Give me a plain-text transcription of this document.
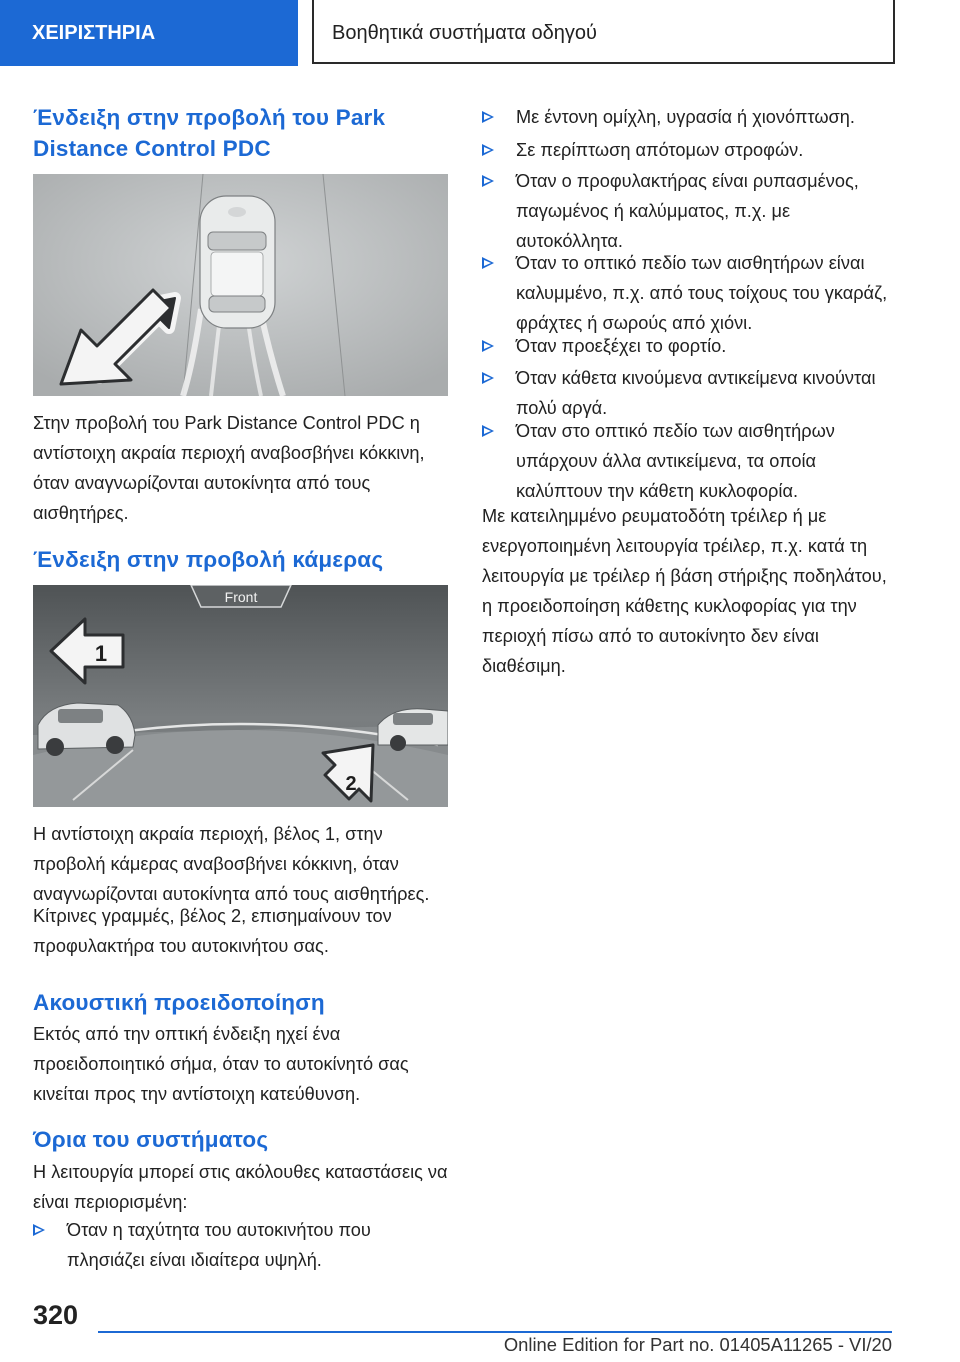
ΧΕΙΡΙΣΤΗΡΙΑ	Βοηθητικά συστήματα οδηγού
Ένδειξη στην προβολή του Park Distance Control PDC

Στην προβολή του Park Distance Control PDC η αντίστοιχη ακραία περιοχή αναβοσβήνει κόκκινη, όταν αναγνωρίζονται αυτοκίνητα από τους αισθητήρες.

Ένδειξη στην προβολή κάμερας
Front
1
2

Η αντίστοιχη ακραία περιοχή, βέλος 1, στην προβολή κάμερας αναβοσβήνει κόκκινη, όταν αναγνωρίζονται αυτοκίνητα από τους αισθητήρες.

Κίτρινες γραμμές, βέλος 2, επισημαίνουν τον προφυλακτήρα του αυτοκινήτου σας.

Ακουστική προειδοποίηση

Εκτός από την οπτική ένδειξη ηχεί ένα προειδοποιητικό σήμα, όταν το αυτοκίνητό σας κινείται προς την αντίστοιχη κατεύθυνση.

Όρια του συστήματος

Η λειτουργία μπορεί στις ακόλουθες καταστάσεις να είναι περιορισμένη:

Όταν η ταχύτητα του αυτοκινήτου που πλησιάζει είναι ιδιαίτερα υψηλή.
Με έντονη ομίχλη, υγρασία ή χιονόπτωση.
Σε περίπτωση απότομων στροφών.
Όταν ο προφυλακτήρας είναι ρυπασμένος, παγωμένος ή καλύμματος, π.χ. με αυτοκόλλητα.
Όταν το οπτικό πεδίο των αισθητήρων είναι καλυμμένο, π.χ. από τους τοίχους του γκαράζ, φράχτες ή σωρούς από χιόνι.
Όταν προεξέχει το φορτίο.
Όταν κάθετα κινούμενα αντικείμενα κινούνται πολύ αργά.
Όταν στο οπτικό πεδίο των αισθητήρων υπάρχουν άλλα αντικείμενα, τα οποία καλύπτουν την κάθετη κυκλοφορία.

Με κατειλημμένο ρευματοδότη τρέιλερ ή με ενεργοποιημένη λειτουργία τρέιλερ, π.χ. κατά τη λειτουργία με τρέιλερ ή βάση στήριξης ποδηλάτου, η προειδοποίηση κάθετης κυκλοφορίας για την περιοχή πίσω από το αυτοκίνητο δεν είναι διαθέσιμη.

320
Online Edition for Part no. 01405A11265 - VI/20
